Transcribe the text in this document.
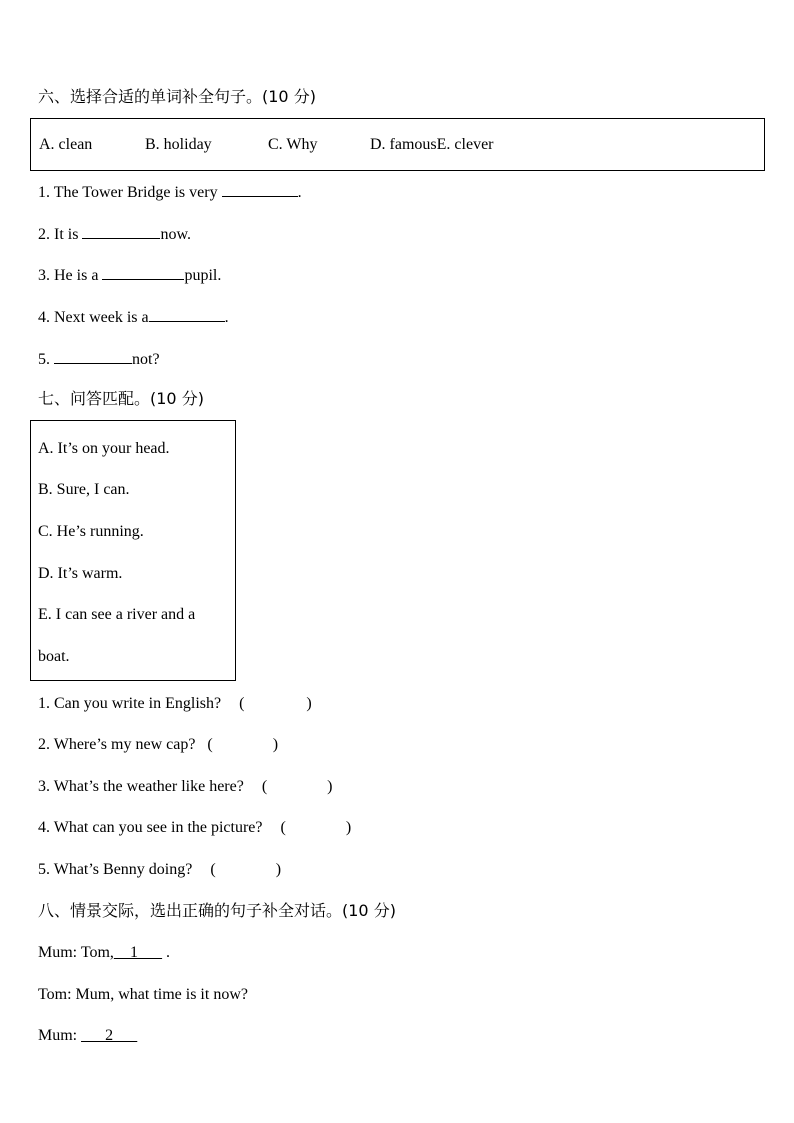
六、选择合适的单词补全句子。(10 分)
A. clean	B. holiday	C. Why	D. famousE. clever
1. The Tower Bridge is very	.
2. It is	now.
3. He is a	pupil.
4. Next week is a	.
5.	not?
七、问答匹配。(10 分)
A. It’s on your head.
B. Sure, I can.
C. He’s running.
D. It’s warm.
E. I can see a river and a
boat.
1. Can you write in English? (	)
2. Where’s my new cap? (	)
3. What’s the weather like here? (	)
4. What can you see in the picture? (	)
5. What’s Benny doing? (	)
八、情景交际，选出正确的句子补全对话。(10 分)
Mum: Tom,__1___ .
Tom: Mum, what time is it now?
Mum: ___2___
